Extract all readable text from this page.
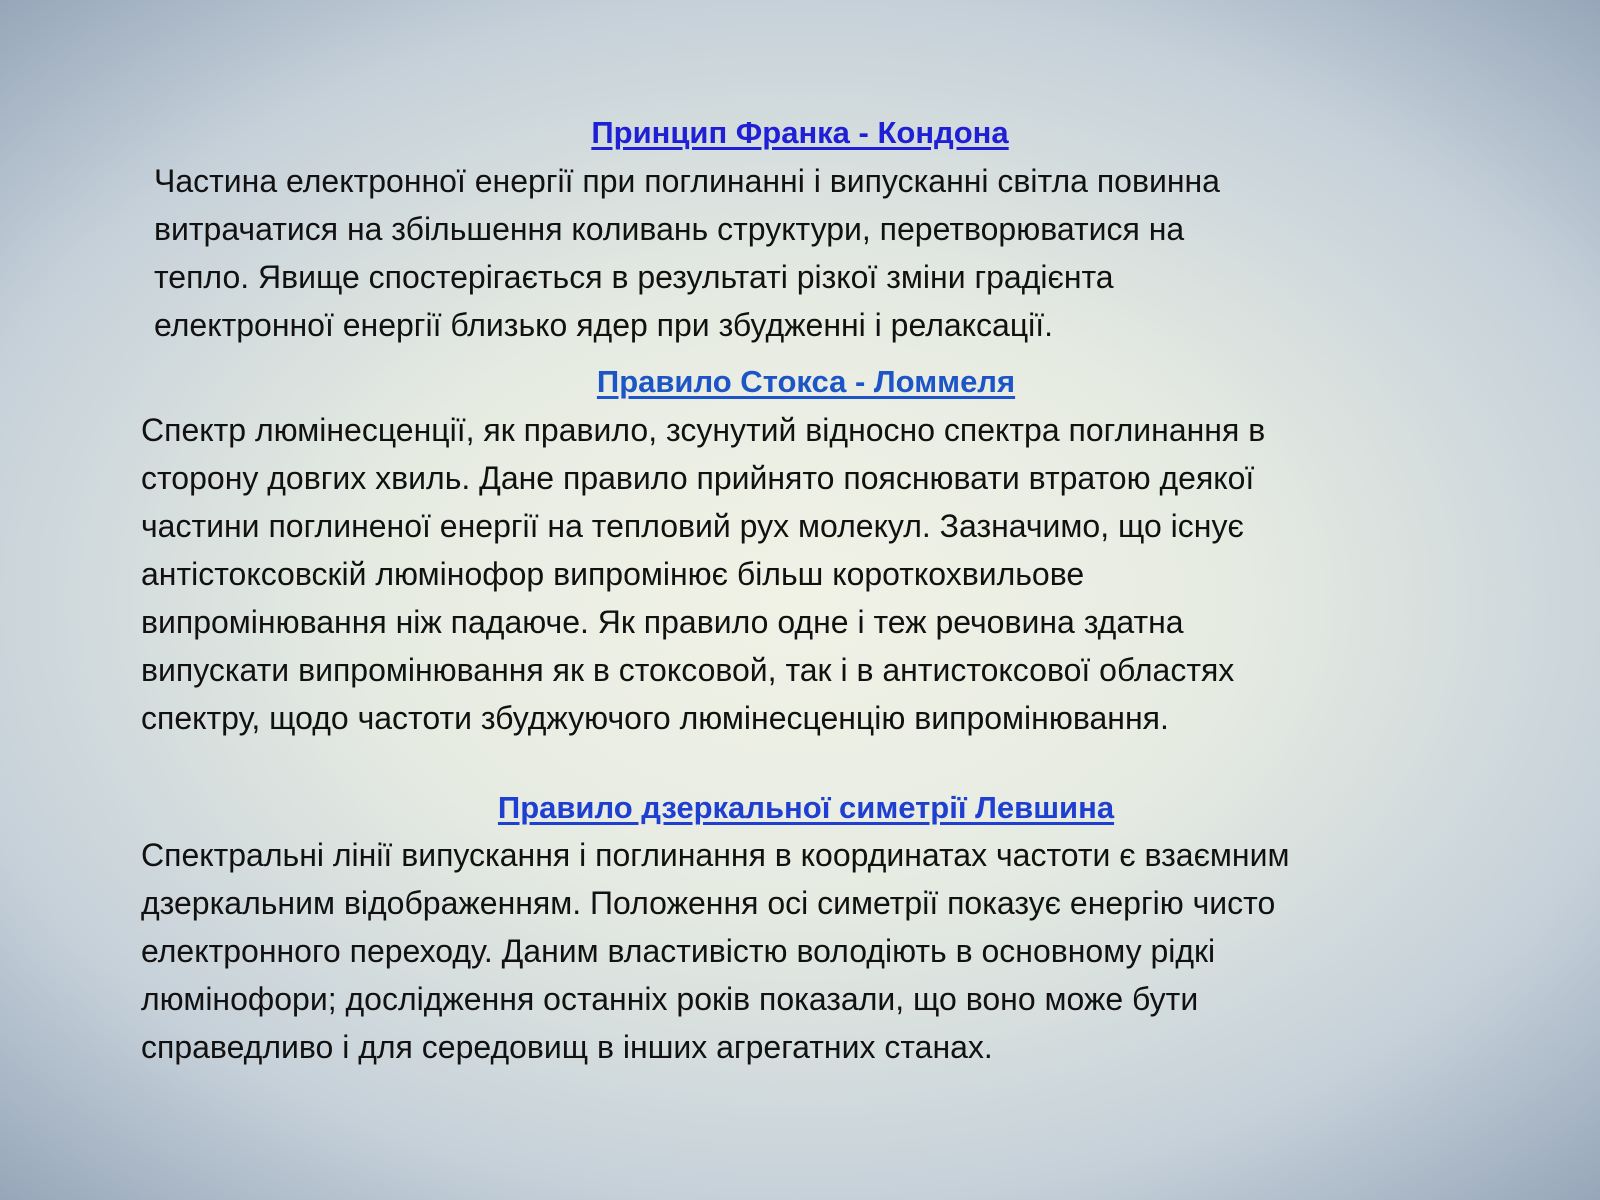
Принцип Франка - Кондона
Частина електронної енергії при поглинанні і випусканні світла повинна
витрачатися на збільшення коливань структури, перетворюватися на
тепло. Явище спостерігається в результаті різкої зміни градієнта
електронної енергії близько ядер при збудженні і релаксації.
Правило Стокса - Ломмеля
Спектр люмінесценції, як правило, зсунутий відносно спектра поглинання в
сторону довгих хвиль. Дане правило прийнято пояснювати втратою деякої
частини поглиненої енергії на тепловий рух молекул. Зазначимо, що існує
антістоксовскій люмінофор випромінює більш короткохвильове
випромінювання ніж падаюче. Як правило одне і теж речовина здатна
випускати випромінювання як в стоксовой, так і в антистоксової областях
спектру, щодо частоти збуджуючого люмінесценцію випромінювання.
Правило дзеркальної симетрії Левшина
Спектральні лінії випускання і поглинання в координатах частоти є взаємним
дзеркальним відображенням. Положення осі симетрії показує енергію чисто
електронного переходу. Даним властивістю володіють в основному рідкі
люмінофори; дослідження останніх років показали, що воно може бути
справедливо і для середовищ в інших агрегатних станах.
